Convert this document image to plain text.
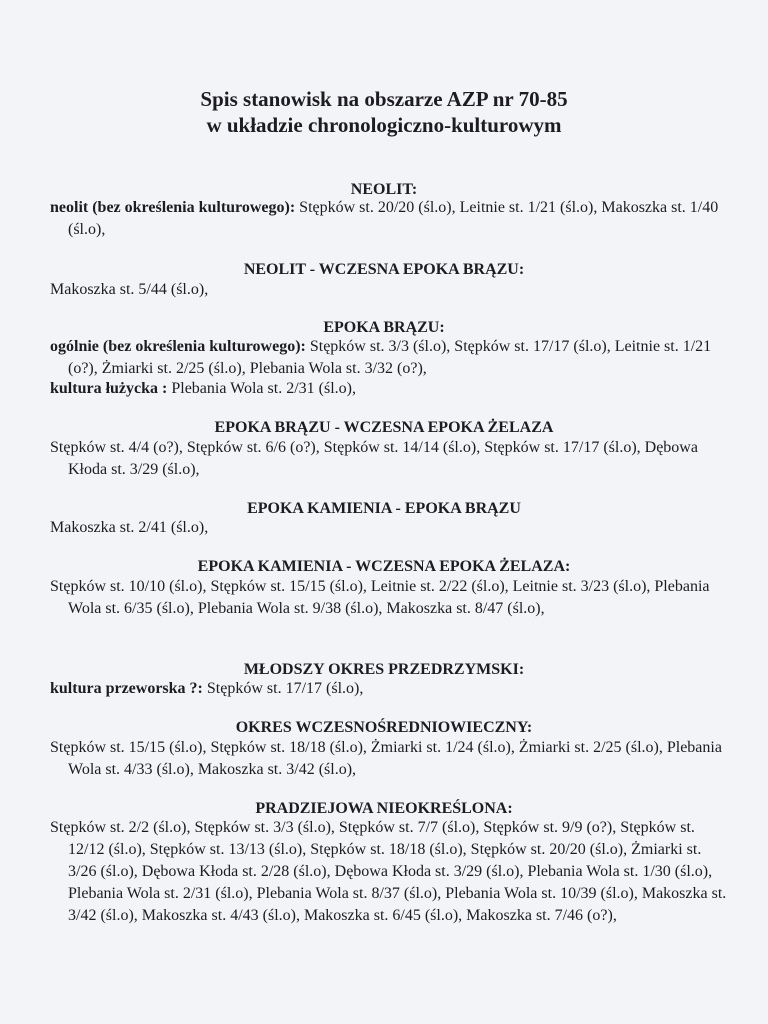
Spis stanowisk na obszarze AZP nr 70-85
w układzie chronologiczno-kulturowym
NEOLIT:
neolit (bez określenia kulturowego): Stępków st. 20/20 (śl.o), Leitnie st. 1/21 (śl.o), Makoszka st. 1/40 (śl.o),
NEOLIT - WCZESNA EPOKA BRĄZU:
Makoszka st. 5/44 (śl.o),
EPOKA BRĄZU:
ogólnie (bez określenia kulturowego): Stępków st. 3/3 (śl.o), Stępków st. 17/17 (śl.o), Leitnie st. 1/21 (o?), Żmiarki st. 2/25 (śl.o), Plebania Wola st. 3/32 (o?),
kultura łużycka : Plebania Wola st. 2/31 (śl.o),
EPOKA BRĄZU - WCZESNA EPOKA ŻELAZA
Stępków st. 4/4 (o?), Stępków st. 6/6 (o?), Stępków st. 14/14 (śl.o), Stępków st. 17/17 (śl.o), Dębowa Kłoda st. 3/29 (śl.o),
EPOKA KAMIENIA - EPOKA BRĄZU
Makoszka st. 2/41 (śl.o),
EPOKA KAMIENIA - WCZESNA EPOKA ŻELAZA:
Stępków st. 10/10 (śl.o), Stępków st. 15/15 (śl.o), Leitnie st. 2/22 (śl.o), Leitnie st. 3/23 (śl.o), Plebania Wola st. 6/35 (śl.o), Plebania Wola st. 9/38 (śl.o), Makoszka st. 8/47 (śl.o),
MŁODSZY OKRES PRZEDRZYMSKI:
kultura przeworska ?: Stępków st. 17/17 (śl.o),
OKRES WCZESNOŚREDNIOWIECZNY:
Stępków st. 15/15 (śl.o), Stępków st. 18/18 (śl.o), Żmiarki st. 1/24 (śl.o), Żmiarki st. 2/25 (śl.o), Plebania Wola st. 4/33 (śl.o), Makoszka st. 3/42 (śl.o),
PRADZIEJOWA NIEOKREŚLONA:
Stępków st. 2/2 (śl.o), Stępków st. 3/3 (śl.o), Stępków st. 7/7 (śl.o), Stępków st. 9/9 (o?), Stępków st. 12/12 (śl.o), Stępków st. 13/13 (śl.o), Stępków st. 18/18 (śl.o), Stępków st. 20/20 (śl.o), Żmiarki st. 3/26 (śl.o), Dębowa Kłoda st. 2/28 (śl.o), Dębowa Kłoda st. 3/29 (śl.o), Plebania Wola st. 1/30 (śl.o), Plebania Wola st. 2/31 (śl.o), Plebania Wola st. 8/37 (śl.o), Plebania Wola st. 10/39 (śl.o), Makoszka st. 3/42 (śl.o), Makoszka st. 4/43 (śl.o), Makoszka st. 6/45 (śl.o), Makoszka st. 7/46 (o?),
